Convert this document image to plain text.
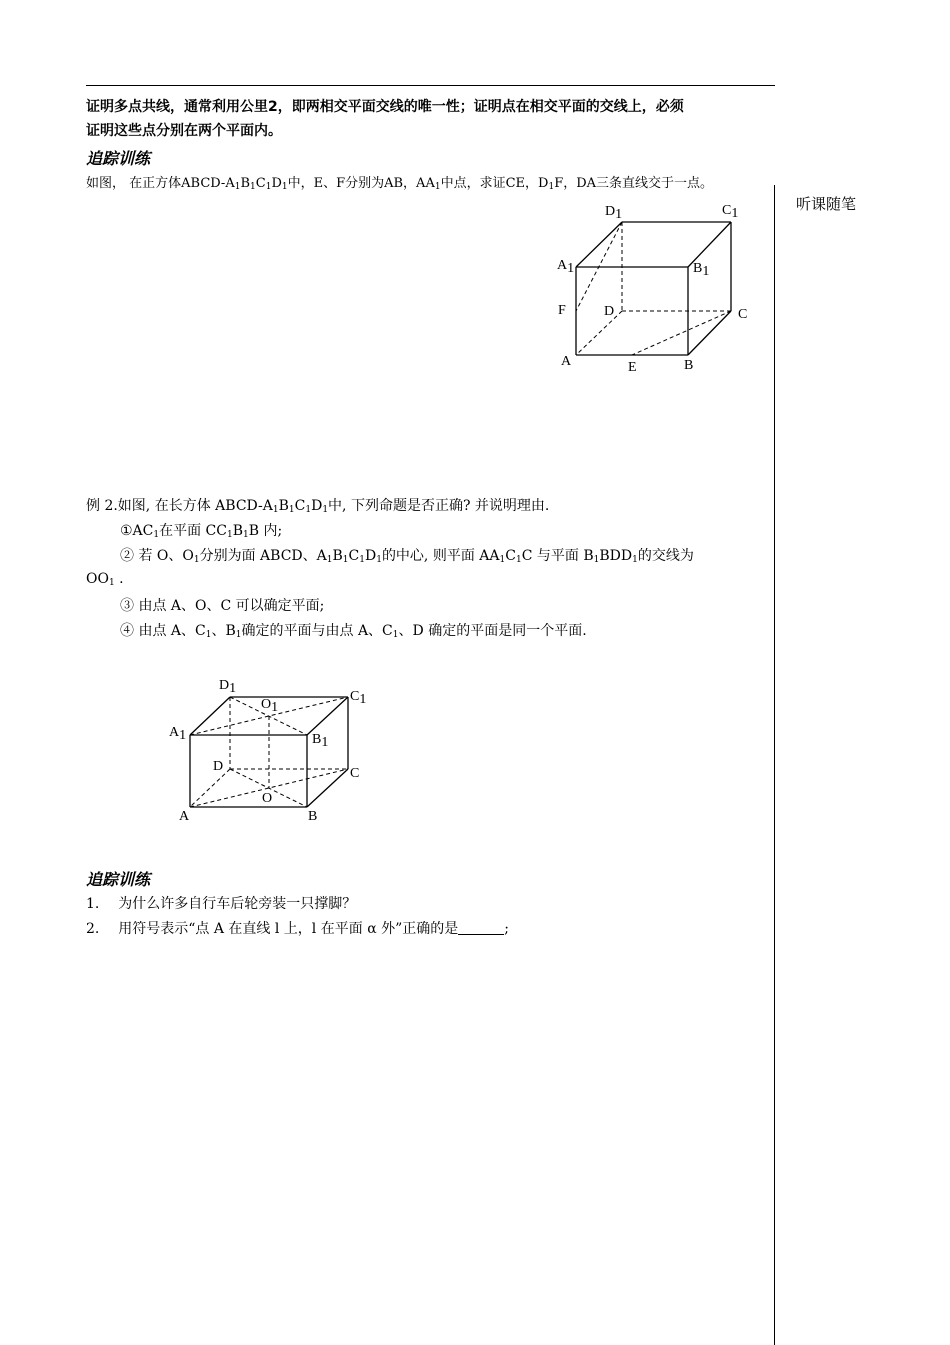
证明多点共线，通常利用公里2，即两相交平面交线的唯一性；证明点在相交平面的交线上，必须
证明这些点分别在两个平面内。
追踪训练
如图， 在正方体ABCD-$A_1B_1C_1D_1$中，E、F分别为AB，$AA_1$中点，求证CE，$D_1F$，DA三条直线交于一点。
听课随笔
D1	C1
A1	B1
F	D	C
A	E	B
例 2.如图, 在长方体 ABCD-$A_1B_1C_1D_1$中, 下列命题是否正确? 并说明理由.
$①AC_1$在平面 $CC_1B_1B$ 内;
② 若 O、$O_1$分别为面 ABCD、$A_1B_1C_1D_1$的中心, 则平面 $AA_1C_1C$ 与平面 $B_1BDD_1$的交线为
$OO_1$ .
③ 由点 A、O、C 可以确定平面;
④ 由点 A、$C_1$、$B_1$确定的平面与由点 A、$C_1$、D 确定的平面是同一个平面.
D1
O1
C1
A1	B1
D	C
O
A	B
追踪训练
1. 为什么许多自行车后轮旁装一只撑脚？
2. 用符号表示“点 A 在直线 l 上，l 在平面 α 外”正确的是	;
